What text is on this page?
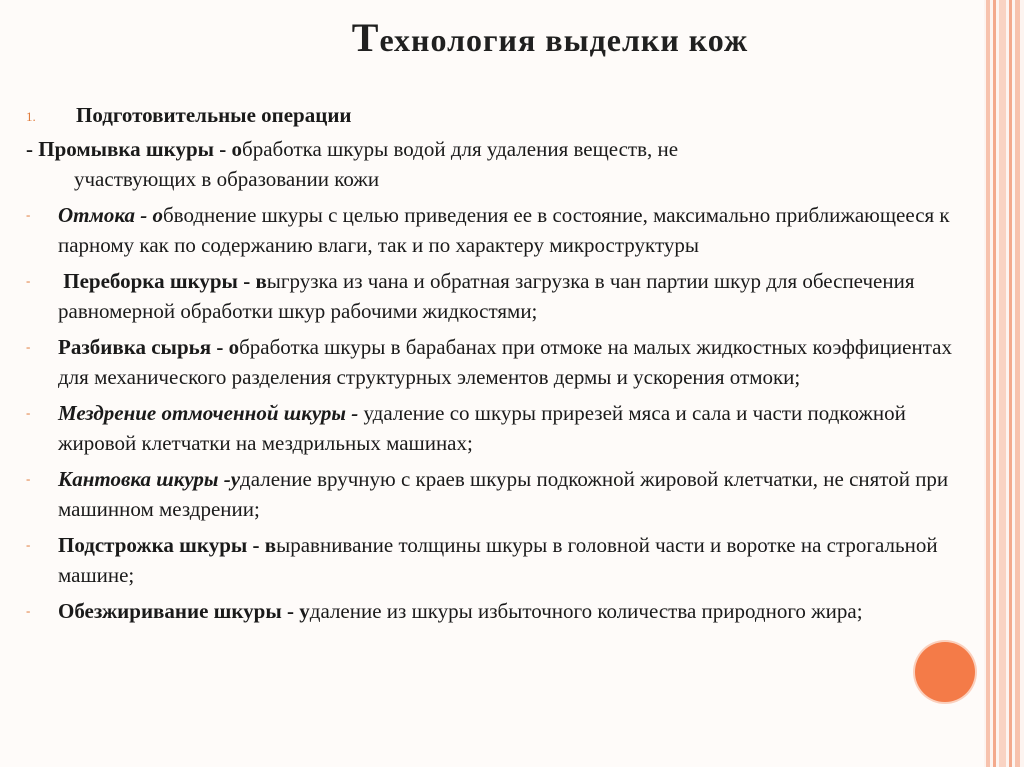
Технология выделки кож
1. Подготовительные операции
- Промывка шкуры - обработка шкуры водой для удаления веществ, не
участвующих в образовании кожи
- Отмока - обводнение шкуры с целью приведения ее в состояние, максимально приближающееся к парному как по содержанию влаги, так и по характеру микроструктуры
- Переборка шкуры - выгрузка из чана и обратная загрузка в чан партии шкур для обеспечения равномерной обработки шкур рабочими жидкостями;
- Разбивка сырья - обработка шкуры в барабанах при отмоке на малых жидкостных коэффициентах для механического разделения структурных элементов дермы и ускорения отмоки;
- Мездрение отмоченной шкуры - удаление со шкуры прирезей мяса и сала и части подкожной жировой клетчатки на мездрильных машинах;
- Кантовка шкуры -удаление вручную с краев шкуры подкожной жировой клетчатки, не снятой при машинном мездрении;
- Подстрожка шкуры - выравнивание толщины шкуры в головной части и воротке на строгальной машине;
- Обезжиривание шкуры - удаление из шкуры избыточного количества природного жира;
